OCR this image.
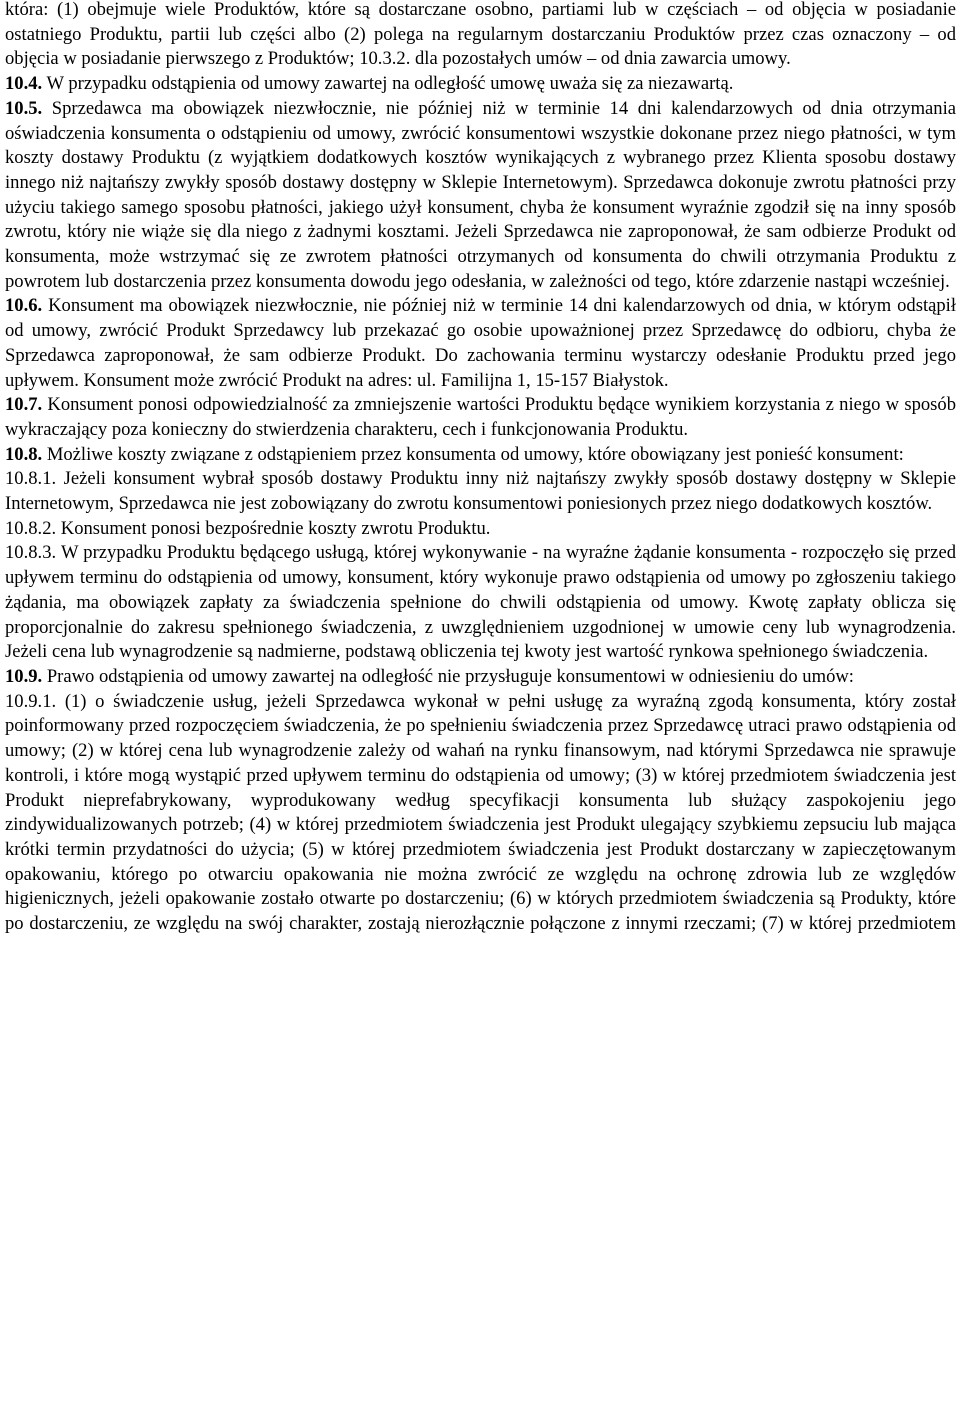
która: (1) obejmuje wiele Produktów, które są dostarczane osobno, partiami lub w częściach – od objęcia w posiadanie ostatniego Produktu, partii lub części albo (2) polega na regularnym dostarczaniu Produktów przez czas oznaczony – od objęcia w posiadanie pierwszego z Produktów; 10.3.2. dla pozostałych umów – od dnia zawarcia umowy.

10.4. W przypadku odstąpienia od umowy zawartej na odległość umowę uważa się za niezawartą.

10.5. Sprzedawca ma obowiązek niezwłocznie, nie później niż w terminie 14 dni kalendarzowych od dnia otrzymania oświadczenia konsumenta o odstąpieniu od umowy, zwrócić konsumentowi wszystkie dokonane przez niego płatności, w tym koszty dostawy Produktu (z wyjątkiem dodatkowych kosztów wynikających z wybranego przez Klienta sposobu dostawy innego niż najtańszy zwykły sposób dostawy dostępny w Sklepie Internetowym). Sprzedawca dokonuje zwrotu płatności przy użyciu takiego samego sposobu płatności, jakiego użył konsument, chyba że konsument wyraźnie zgodził się na inny sposób zwrotu, który nie wiąże się dla niego z żadnymi kosztami. Jeżeli Sprzedawca nie zaproponował, że sam odbierze Produkt od konsumenta, może wstrzymać się ze zwrotem płatności otrzymanych od konsumenta do chwili otrzymania Produktu z powrotem lub dostarczenia przez konsumenta dowodu jego odesłania, w zależności od tego, które zdarzenie nastąpi wcześniej.

10.6. Konsument ma obowiązek niezwłocznie, nie później niż w terminie 14 dni kalendarzowych od dnia, w którym odstąpił od umowy, zwrócić Produkt Sprzedawcy lub przekazać go osobie upoważnionej przez Sprzedawcę do odbioru, chyba że Sprzedawca zaproponował, że sam odbierze Produkt. Do zachowania terminu wystarczy odesłanie Produktu przed jego upływem. Konsument może zwrócić Produkt na adres: ul. Familijna 1, 15-157 Białystok.

10.7. Konsument ponosi odpowiedzialność za zmniejszenie wartości Produktu będące wynikiem korzystania z niego w sposób wykraczający poza konieczny do stwierdzenia charakteru, cech i funkcjonowania Produktu.

10.8. Możliwe koszty związane z odstąpieniem przez konsumenta od umowy, które obowiązany jest ponieść konsument:

10.8.1. Jeżeli konsument wybrał sposób dostawy Produktu inny niż najtańszy zwykły sposób dostawy dostępny w Sklepie Internetowym, Sprzedawca nie jest zobowiązany do zwrotu konsumentowi poniesionych przez niego dodatkowych kosztów.

10.8.2. Konsument ponosi bezpośrednie koszty zwrotu Produktu.

10.8.3. W przypadku Produktu będącego usługą, której wykonywanie - na wyraźne żądanie konsumenta - rozpoczęło się przed upływem terminu do odstąpienia od umowy, konsument, który wykonuje prawo odstąpienia od umowy po zgłoszeniu takiego żądania, ma obowiązek zapłaty za świadczenia spełnione do chwili odstąpienia od umowy. Kwotę zapłaty oblicza się proporcjonalnie do zakresu spełnionego świadczenia, z uwzględnieniem uzgodnionej w umowie ceny lub wynagrodzenia. Jeżeli cena lub wynagrodzenie są nadmierne, podstawą obliczenia tej kwoty jest wartość rynkowa spełnionego świadczenia.

10.9. Prawo odstąpienia od umowy zawartej na odległość nie przysługuje konsumentowi w odniesieniu do umów:

10.9.1. (1) o świadczenie usług, jeżeli Sprzedawca wykonał w pełni usługę za wyraźną zgodą konsumenta, który został poinformowany przed rozpoczęciem świadczenia, że po spełnieniu świadczenia przez Sprzedawcę utraci prawo odstąpienia od umowy; (2) w której cena lub wynagrodzenie zależy od wahań na rynku finansowym, nad którymi Sprzedawca nie sprawuje kontroli, i które mogą wystąpić przed upływem terminu do odstąpienia od umowy; (3) w której przedmiotem świadczenia jest Produkt nieprefabrykowany, wyprodukowany według specyfikacji konsumenta lub służący zaspokojeniu jego zindywidualizowanych potrzeb; (4) w której przedmiotem świadczenia jest Produkt ulegający szybkiemu zepsuciu lub mająca krótki termin przydatności do użycia; (5) w której przedmiotem świadczenia jest Produkt dostarczany w zapieczętowanym opakowaniu, którego po otwarciu opakowania nie można zwrócić ze względu na ochronę zdrowia lub ze względów higienicznych, jeżeli opakowanie zostało otwarte po dostarczeniu; (6) w których przedmiotem świadczenia są Produkty, które po dostarczeniu, ze względu na swój charakter, zostają nierozłącznie połączone z innymi rzeczami; (7) w której przedmiotem
